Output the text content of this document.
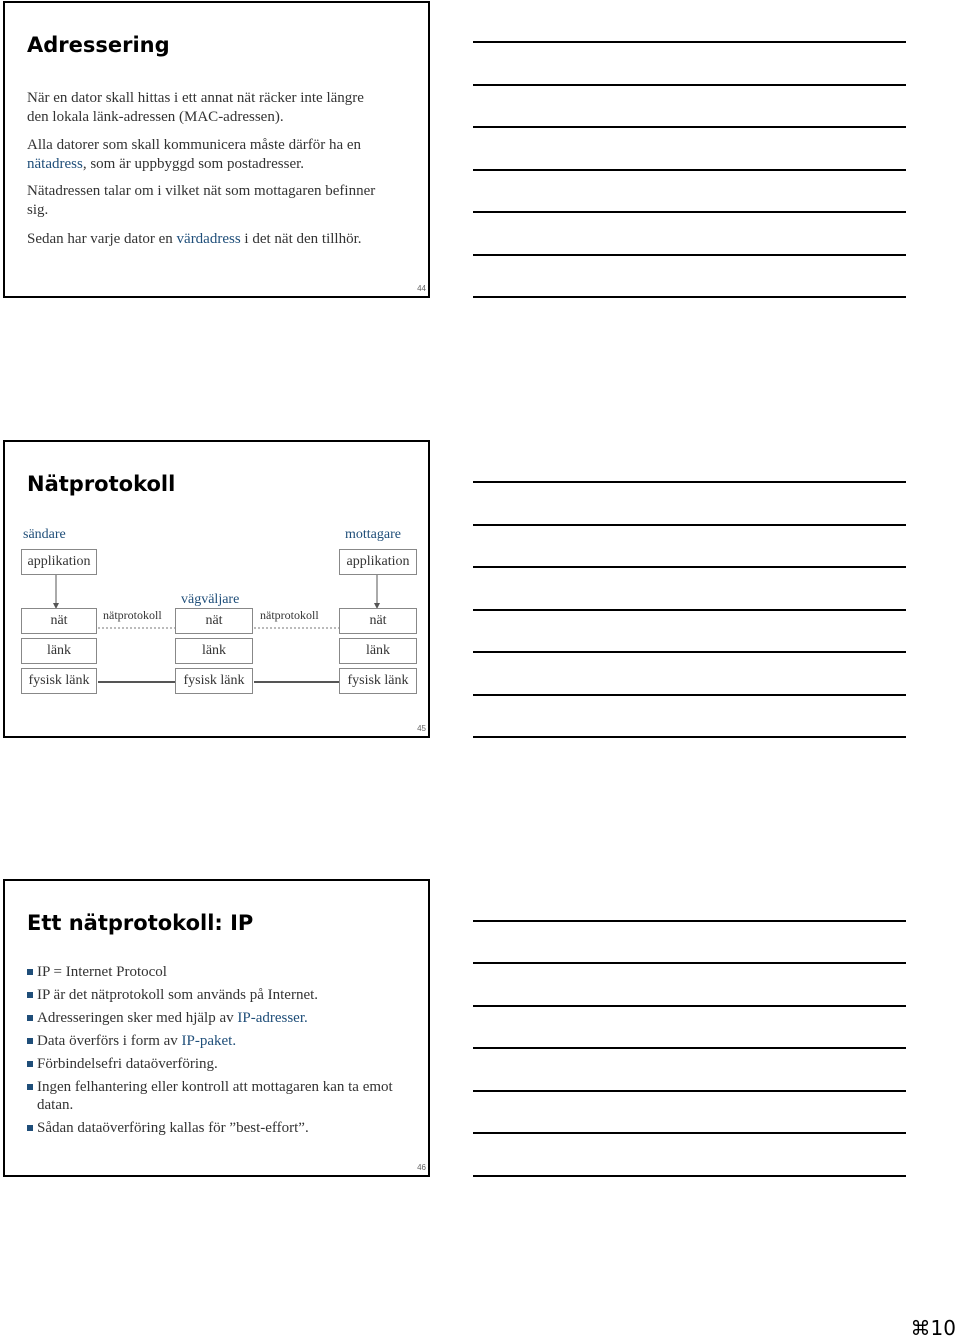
Adressering

När en dator skall hittas i ett annat nät räcker inte längre den lokala länk-adressen (MAC-adressen).

Alla datorer som skall kommunicera måste därför ha en nätadress, som är uppbyggd som postadresser.

Nätadressen talar om i vilket nät som mottagaren befinner sig.

Sedan har varje dator en värdadress i det nät den tillhör.

44
Nätprotokoll
sändare	mottagare
applikation	applikation
vägväljare
nätprotokoll	nätprotokoll
nät
länk
fysisk länk
nät
länk
fysisk länk
nät
länk
fysisk länk
45
Ett nätprotokoll: IP
IP = Internet Protocol
IP är det nätprotokoll som används på Internet.
Adresseringen sker med hjälp av IP-adresser.
Data överförs i form av IP-paket.
Förbindelsefri dataöverföring.
Ingen felhantering eller kontroll att mottagaren kan ta emot datan.
Sådan dataöverföring kallas för ”best-effort”.
46
⌘10
